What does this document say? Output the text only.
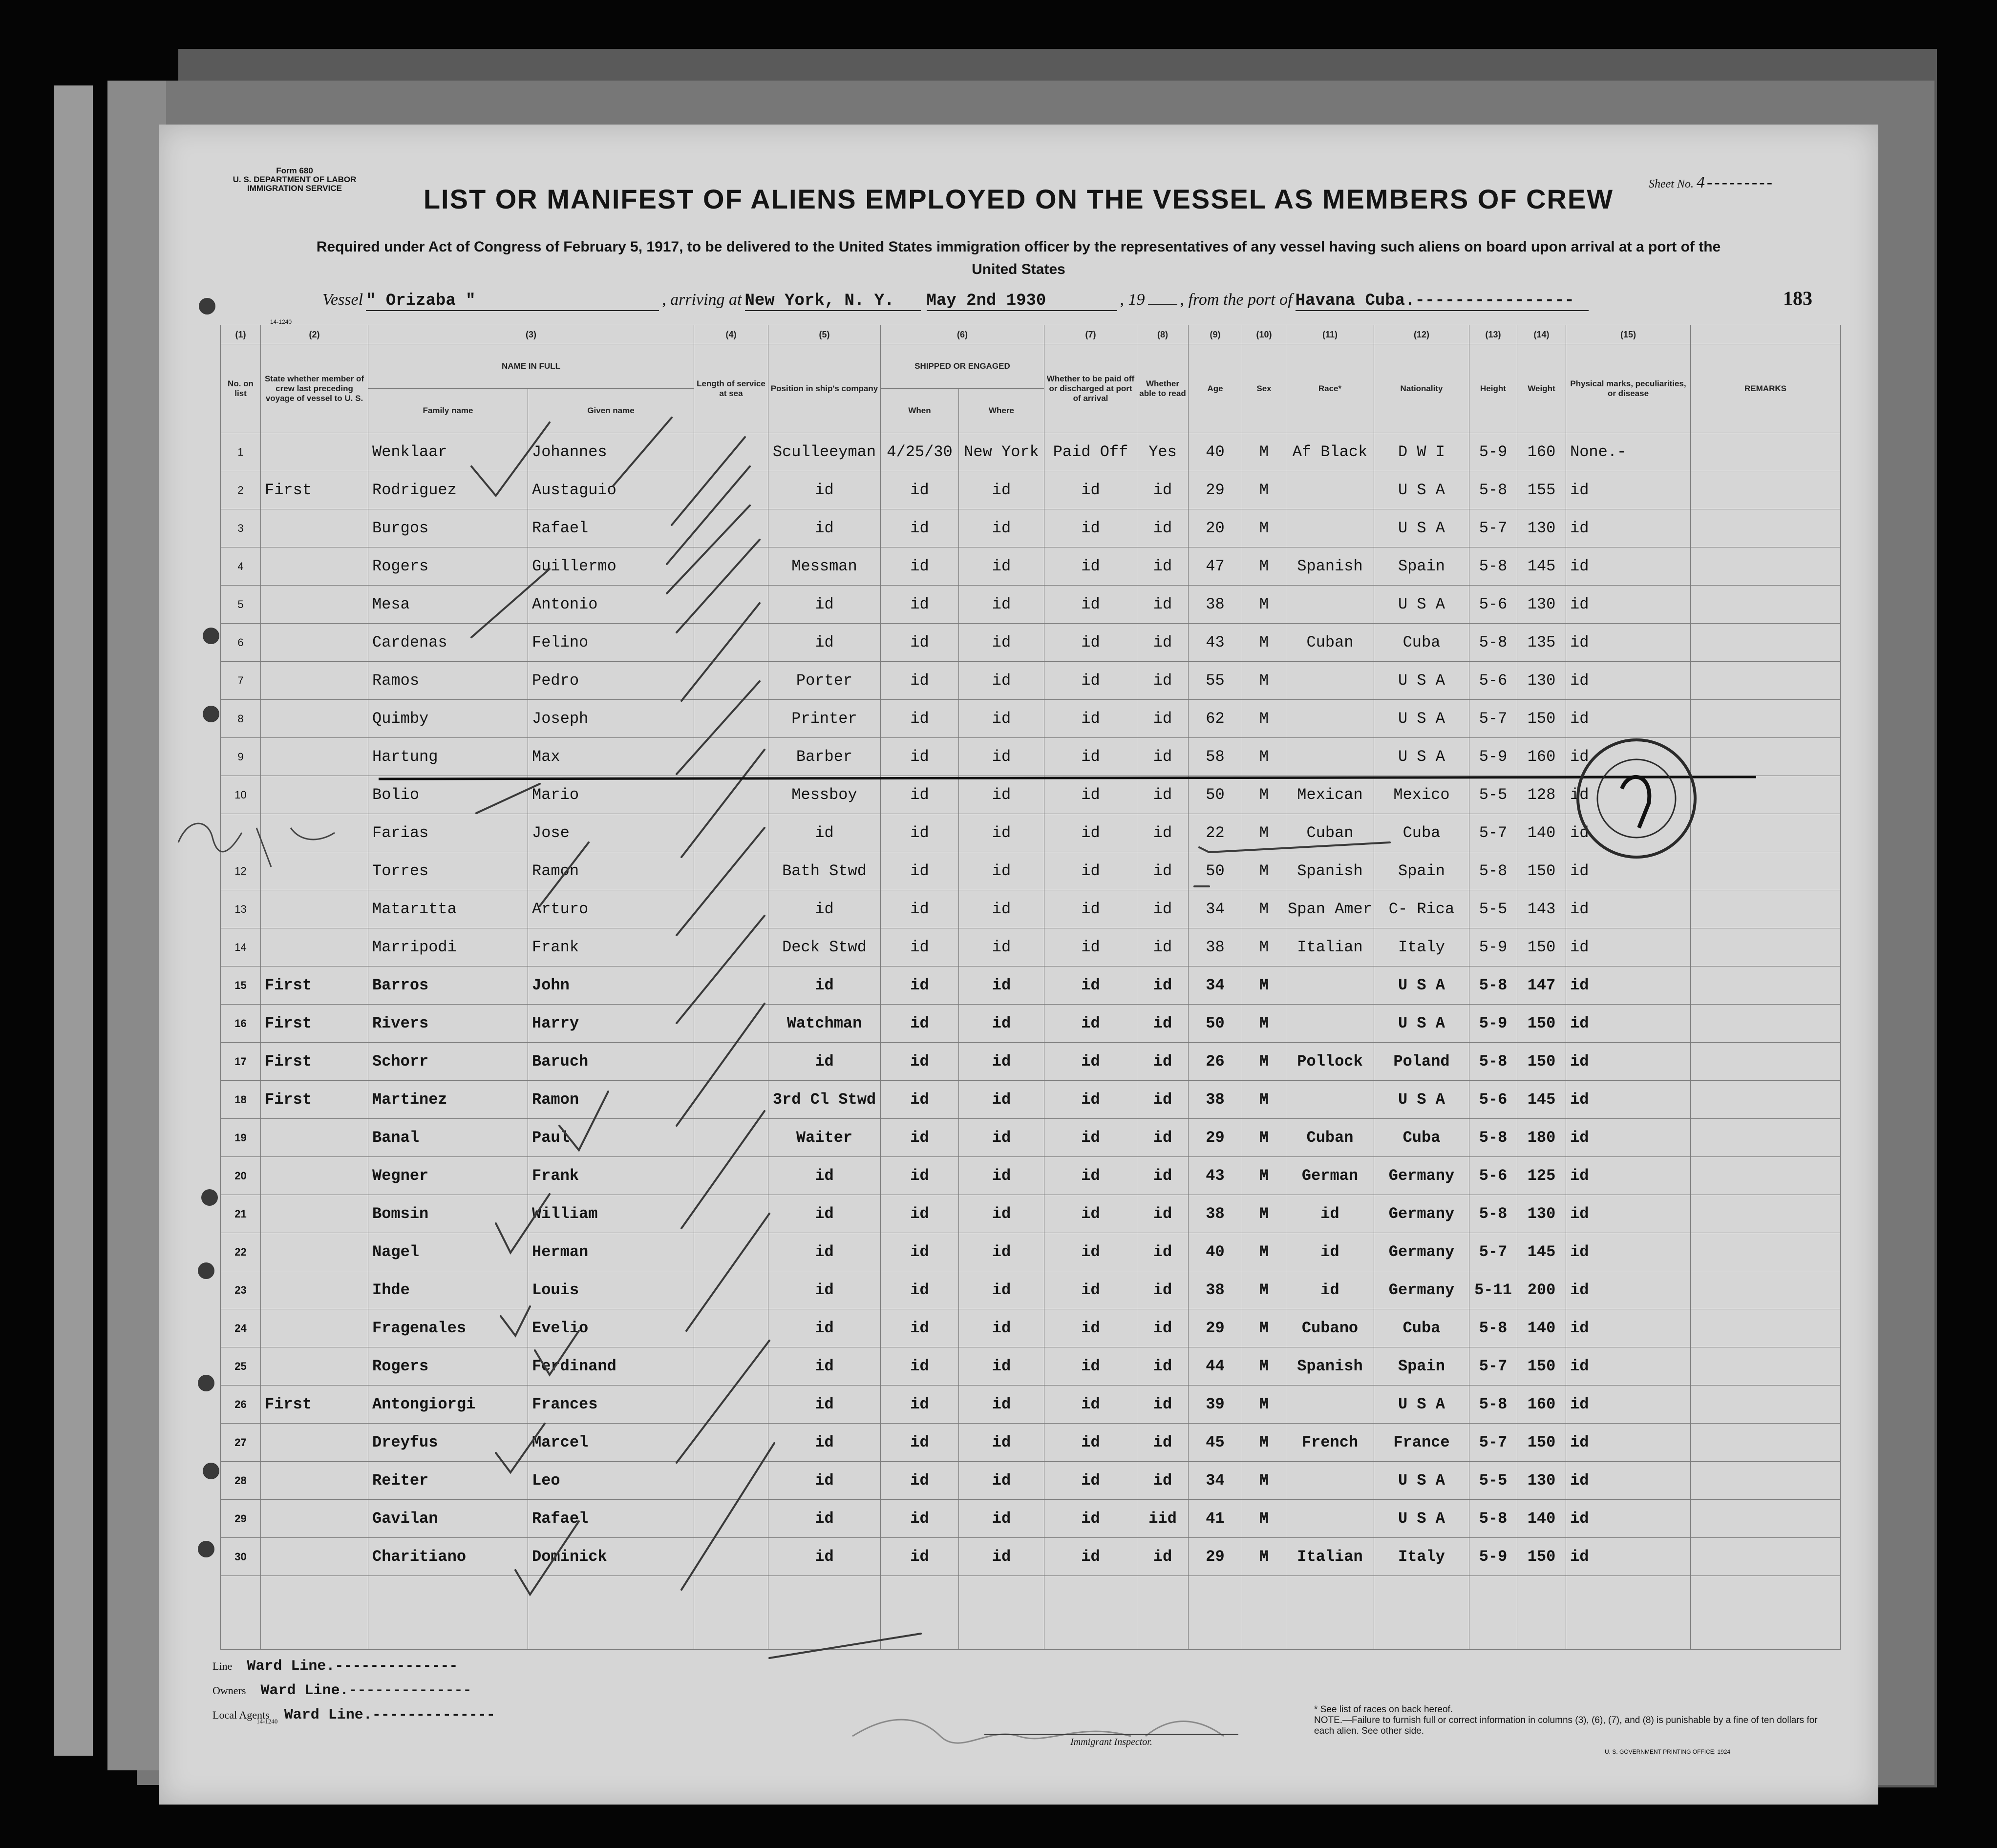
Form 680
U. S. DEPARTMENT OF LABOR
IMMIGRATION SERVICE	Sheet No. 4---------
LIST OR MANIFEST OF ALIENS EMPLOYED ON THE VESSEL AS MEMBERS OF CREW
Required under Act of Congress of February 5, 1917, to be delivered to the United States immigration officer by the representatives of any vessel having such aliens on board upon arrival at a port of the United States
Vessel " Orizaba "	, arriving at New York, N. Y. May 2nd 1930	, 19 , from the port of Havana Cuba.----------------	183
14-1240
(1)	(2)	(3)		(4)	(5)	(6)		(7)	(8)	(9)	(10)	(11)	(12)	(13)	(14)	(15)	
No. on list	State whether member of crew last preceding voyage of vessel to U. S.	NAME IN FULL		Length of service at sea	Position in ship's company	SHIPPED OR ENGAGED		Whether to be paid off or discharged at port of arrival	Whether able to read	Age	Sex	Race*	Nationality	Height	Weight	Physical marks, peculiarities, or disease	REMARKS
		Family name	Given name			When	Where										
1		Wenklaar	Johannes		Sculleeyman	4/25/30	New York	Paid Off	Yes	40	M	Af Black	D W I	5-9	160	None.-	
2	First	Rodriguez	Austaguio		id	id	id	id	id	29	M		U S A	5-8	155	id	
3		Burgos	Rafael		id	id	id	id	id	20	M		U S A	5-7	130	id	
4		Rogers	Guillermo		Messman	id	id	id	id	47	M	Spanish	Spain	5-8	145	id	
5		Mesa	Antonio		id	id	id	id	id	38	M		U S A	5-6	130	id	
6		Cardenas	Felino		id	id	id	id	id	43	M	Cuban	Cuba	5-8	135	id	
7		Ramos	Pedro		Porter	id	id	id	id	55	M		U S A	5-6	130	id	
8		Quimby	Joseph		Printer	id	id	id	id	62	M		U S A	5-7	150	id	
9		Hartung	Max		Barber	id	id	id	id	58	M		U S A	5-9	160	id	
10		Bolio	Mario		Messboy	id	id	id	id	50	M	Mexican	Mexico	5-5	128	id	
		Farias	Jose		id	id	id	id	id	22	M	Cuban	Cuba	5-7	140	id	
12		Torres	Ramon		Bath Stwd	id	id	id	id	50	M	Spanish	Spain	5-8	150	id	
13		Matarıtta	Arturo		id	id	id	id	id	34	M	Span Amer	C- Rica	5-5	143	id	
14		Marripodi	Frank		Deck Stwd	id	id	id	id	38	M	Italian	Italy	5-9	150	id	
15	First	Barros	John		id	id	id	id	id	34	M		U S A	5-8	147	id	
16	First	Rivers	Harry		Watchman	id	id	id	id	50	M		U S A	5-9	150	id	
17	First	Schorr	Baruch		id	id	id	id	id	26	M	Pollock	Poland	5-8	150	id	
18	First	Martinez	Ramon		3rd Cl Stwd	id	id	id	id	38	M		U S A	5-6	145	id	
19		Banal	Paul		Waiter	id	id	id	id	29	M	Cuban	Cuba	5-8	180	id	
20		Wegner	Frank		id	id	id	id	id	43	M	German	Germany	5-6	125	id	
21		Bomsin	William		id	id	id	id	id	38	M	id	Germany	5-8	130	id	
22		Nagel	Herman		id	id	id	id	id	40	M	id	Germany	5-7	145	id	
23		Ihde	Louis		id	id	id	id	id	38	M	id	Germany	5-11	200	id	
24		Fragenales	Evelio		id	id	id	id	id	29	M	Cubano	Cuba	5-8	140	id	
25		Rogers	Ferdinand		id	id	id	id	id	44	M	Spanish	Spain	5-7	150	id	
26	First	Antongiorgi	Frances		id	id	id	id	id	39	M		U S A	5-8	160	id	
27		Dreyfus	Marcel		id	id	id	id	id	45	M	French	France	5-7	150	id	
28		Reiter	Leo		id	id	id	id	id	34	M		U S A	5-5	130	id	
29		Gavilan	Rafael		id	id	id	id	iid	41	M		U S A	5-8	140	id	
30		Charitiano	Dominick		id	id	id	id	id	29	M	Italian	Italy	5-9	150	id	

Line Ward Line.--------------
Owners Ward Line.--------------
Local Agents Ward Line.--------------
14-1240
Immigrant Inspector.
* See list of races on back hereof.
NOTE.—Failure to furnish full or correct information in columns (3), (6), (7), and (8) is punishable by a fine of ten dollars for each alien. See other side.
U. S. GOVERNMENT PRINTING OFFICE: 1924
